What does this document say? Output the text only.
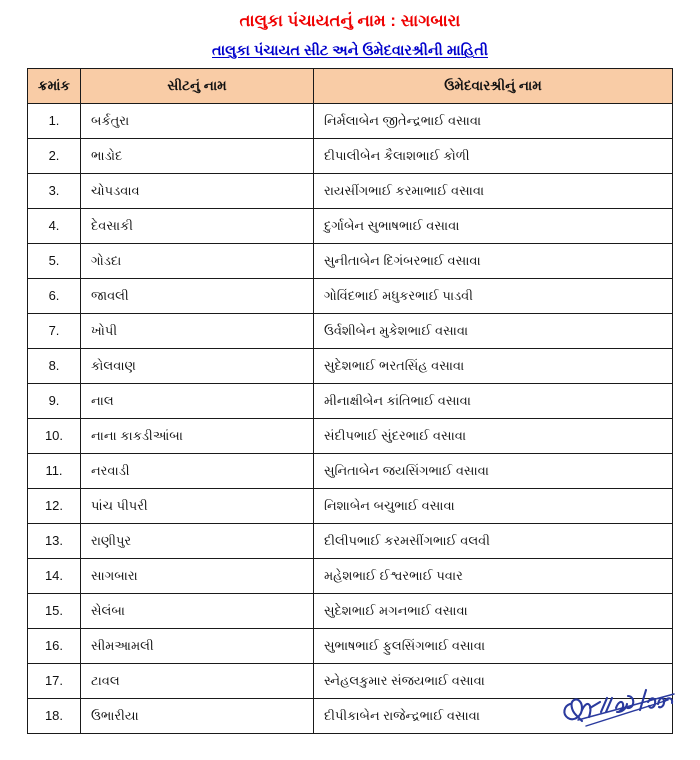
તાલુકા પંચાયતનું નામ : સાગબારા
તાલુકા પંચાયત સીટ અને ઉમેદવારશ્રીની માહિતી
ક્રમાંક	સીટનું નામ	ઉમેદવારશ્રીનું નામ
1.	બર્કતુરા	નિર્મલાબેન જીતેન્દ્રભાઈ વસાવા
2.	ભાડોદ	દીપાલીબેન કૈલાશભાઈ કોળી
3.	ચોપડવાવ	રાયસીંગભાઈ કરમાભાઈ વસાવા
4.	દેવસાકી	દુર્ગાબેન સુભાષભાઈ વસાવા
5.	ગોડદા	સુનીતાબેન દિગંબરભાઈ વસાવા
6.	જાવલી	ગોવિંદભાઈ મધુકરભાઈ પાડવી
7.	ખોપી	ઉર્વશીબેન મુકેશભાઈ વસાવા
8.	કોલવાણ	સુદેશભાઈ ભરતસિંહ વસાવા
9.	નાલ	મીનાક્ષીબેન કાંતિભાઈ વસાવા
10.	નાના કાકડીઆંબા	સંદીપભાઈ સુંદરભાઈ વસાવા
11.	નરવાડી	સુનિતાબેન જયસિંગભાઈ વસાવા
12.	પાંચ પીપરી	નિશાબેન બચુભાઈ વસાવા
13.	રાણીપુર	દીલીપભાઈ કરમસીંગભાઈ વલવી
14.	સાગબારા	મહેશભાઈ ઈશ્વરભાઈ પવાર
15.	સેલંબા	સુદેશભાઈ મગનભાઈ વસાવા
16.	સીમઆમલી	સુભાષભાઈ ફુલસિંગભાઈ વસાવા
17.	ટાવલ	સ્નેહલકુમાર સંજયભાઈ વસાવા
18.	ઉભારીયા	દીપીકાબેન રાજેન્દ્રભાઈ વસાવા
